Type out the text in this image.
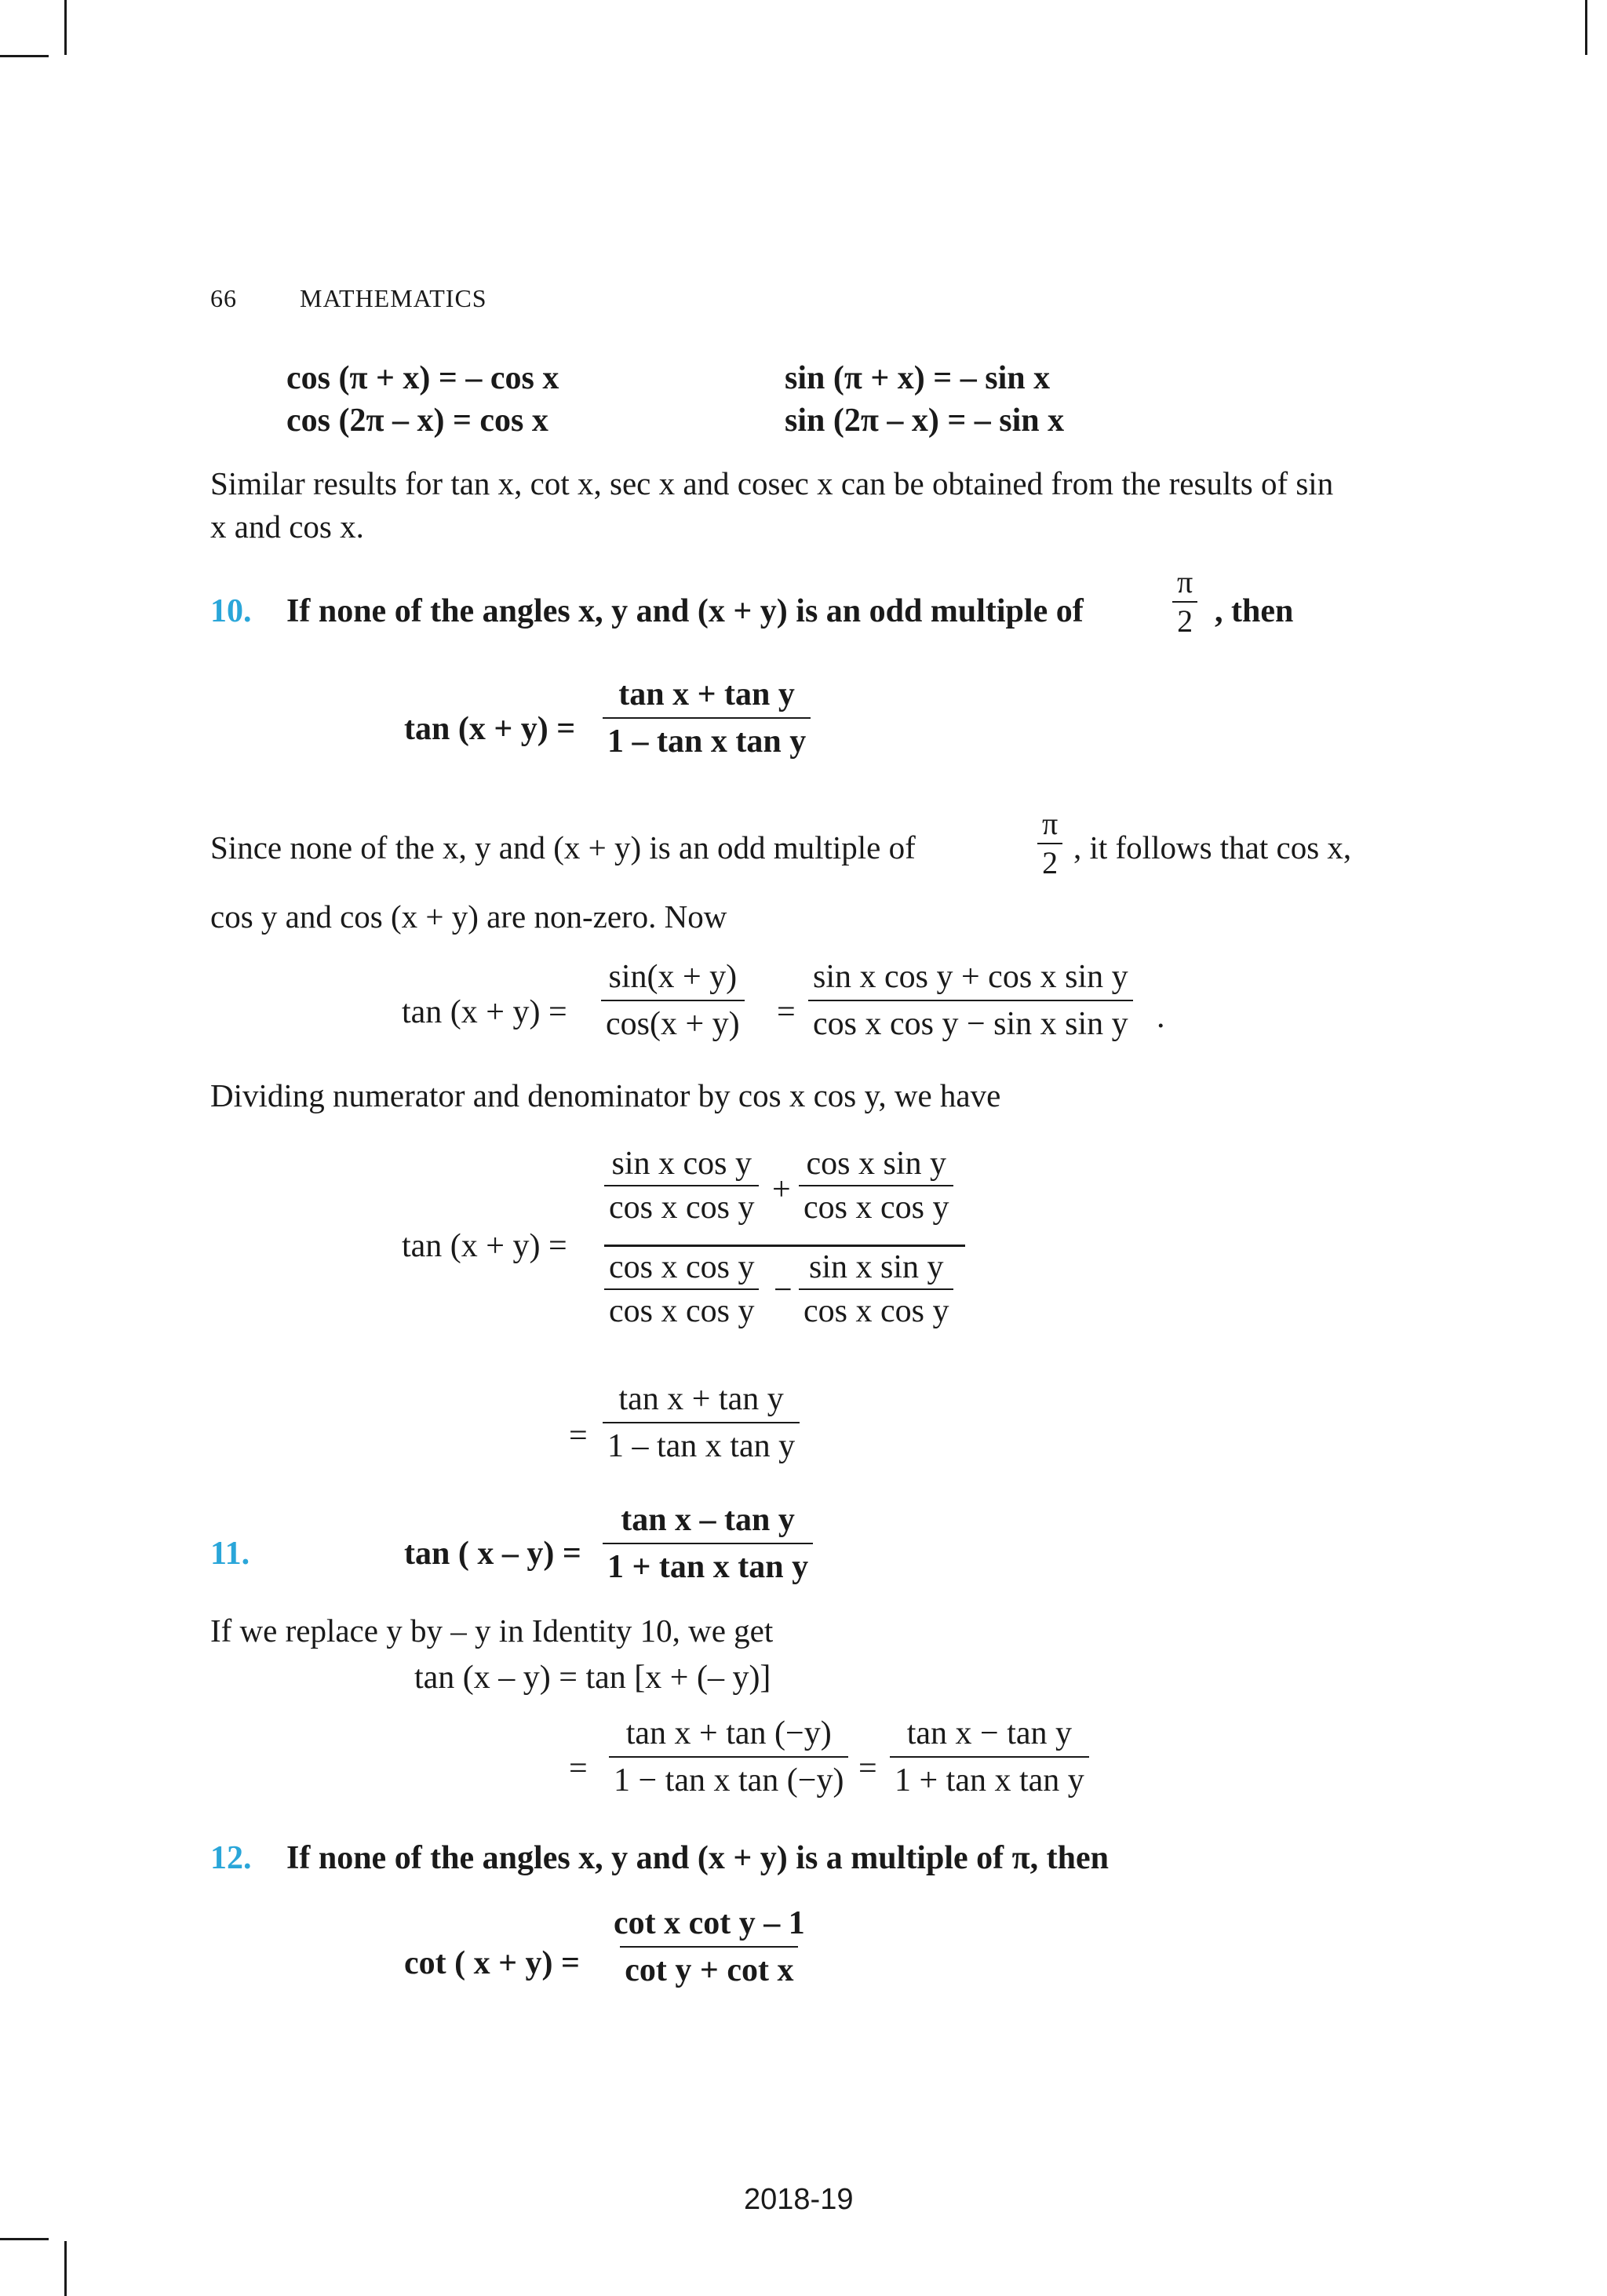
66	MATHEMATICS
cos (π + x) = – cos x
cos (2π – x) = cos x
sin (π + x) = – sin x
sin (2π – x) = – sin x
Similar results for tan x, cot x, sec x and cosec x can be obtained from the results of sin
x and cos x.
10. If none of the angles x, y and (x + y) is an odd multiple of	$\frac{\pi}{2}$ , then
$\tan (x + y) = \frac{\text{tan x + tan y}}{\text{1 – tan x tan y}}$
Since none of the x, y and (x + y) is an odd multiple of	$\frac{\pi}{2}$ , it follows that cos x,
cos y and cos (x + y) are non-zero. Now
$\tan (x + y) = \frac{\sin(x + y)}{\cos(x + y)} = \frac{\text{sin x cos y + cos x sin y}}{\text{cos x cos y − sin x sin y}}$ .
Dividing numerator and denominator by cos x cos y, we have
tan (x + y) =
$\frac{\text{sin x cos y}}{\text{cos x cos y}} + \frac{\text{cos x sin y}}{\text{cos x cos y}}$
$\frac{\text{cos x cos y}}{\text{cos x cos y}} - \frac{\text{sin x sin y}}{\text{cos x cos y}}$
= $\frac{\text{tan x + tan y}}{\text{1 – tan x tan y}}$
11.	tan ( $x - y) = \frac{\text{tan x – tan y}}{\text{1 + tan x tan y}}$
If we replace y by – y in Identity 10, we get
tan (x – y) = tan [x + (– y)]
= $\frac{\text{tan x + tan (−y)}}{\text{1 − tan x tan (−y)}} = \frac{\text{tan x − tan y}}{\text{1 + tan x tan y}}$
12. If none of the angles x, y and (x + y) is a multiple of π, then
cot ( $x + y) = \frac{\text{cot x cot y – 1}}{\text{cot y + cot x}}$
2018-19
